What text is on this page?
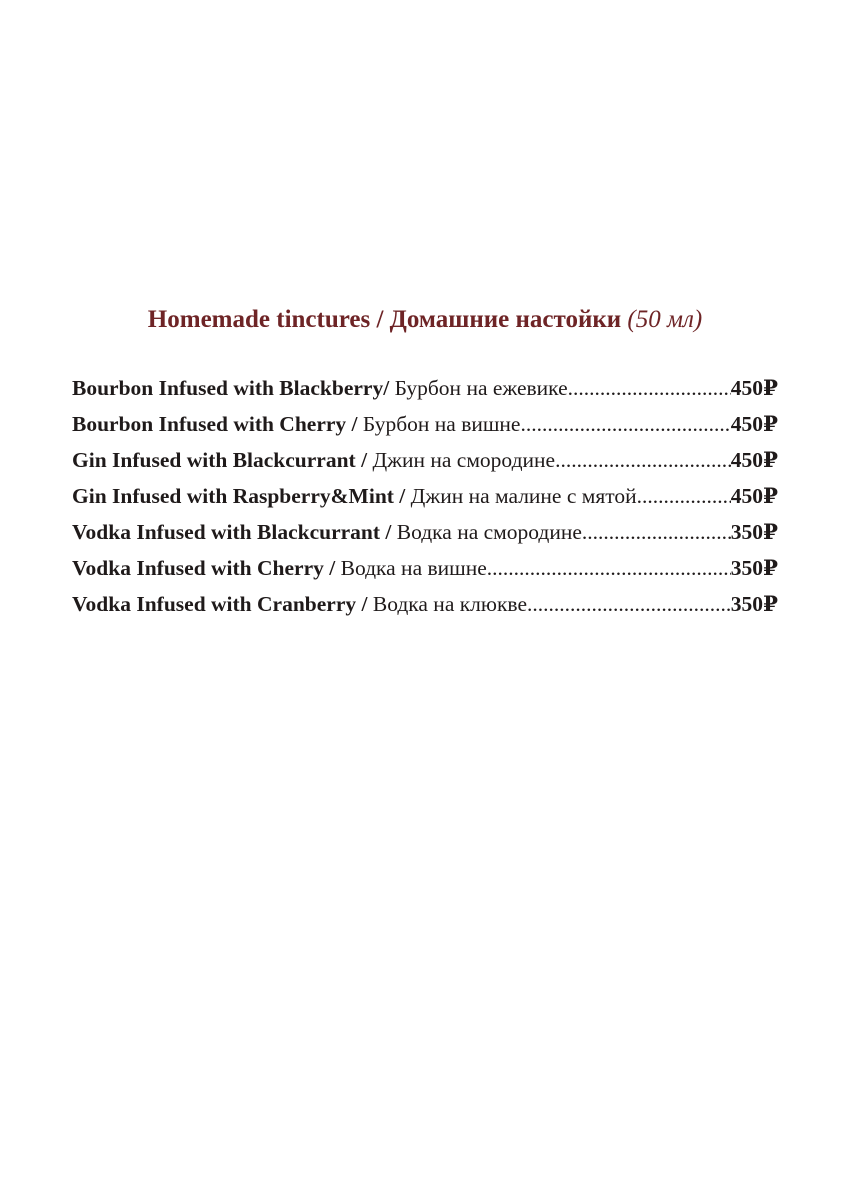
Homemade tinctures / Домашние настойки (50 мл)
Bourbon Infused with Blackberry/
Бурбон на ежевике .....	450₽
Bourbon Infused with Cherry /
Бурбон на вишне .....	450₽
Gin Infused with Blackcurrant /
Джин на смородине .....	450₽
Gin Infused with Raspberry&Mint /
Джин на малине с мятой .....	450₽
Vodka Infused with Blackcurrant /
Водка на смородине .....	350₽
Vodka Infused with Cherry /
Водка на вишне .....	350₽
Vodka Infused with Cranberry /
Водка на клюкве .....	350₽
